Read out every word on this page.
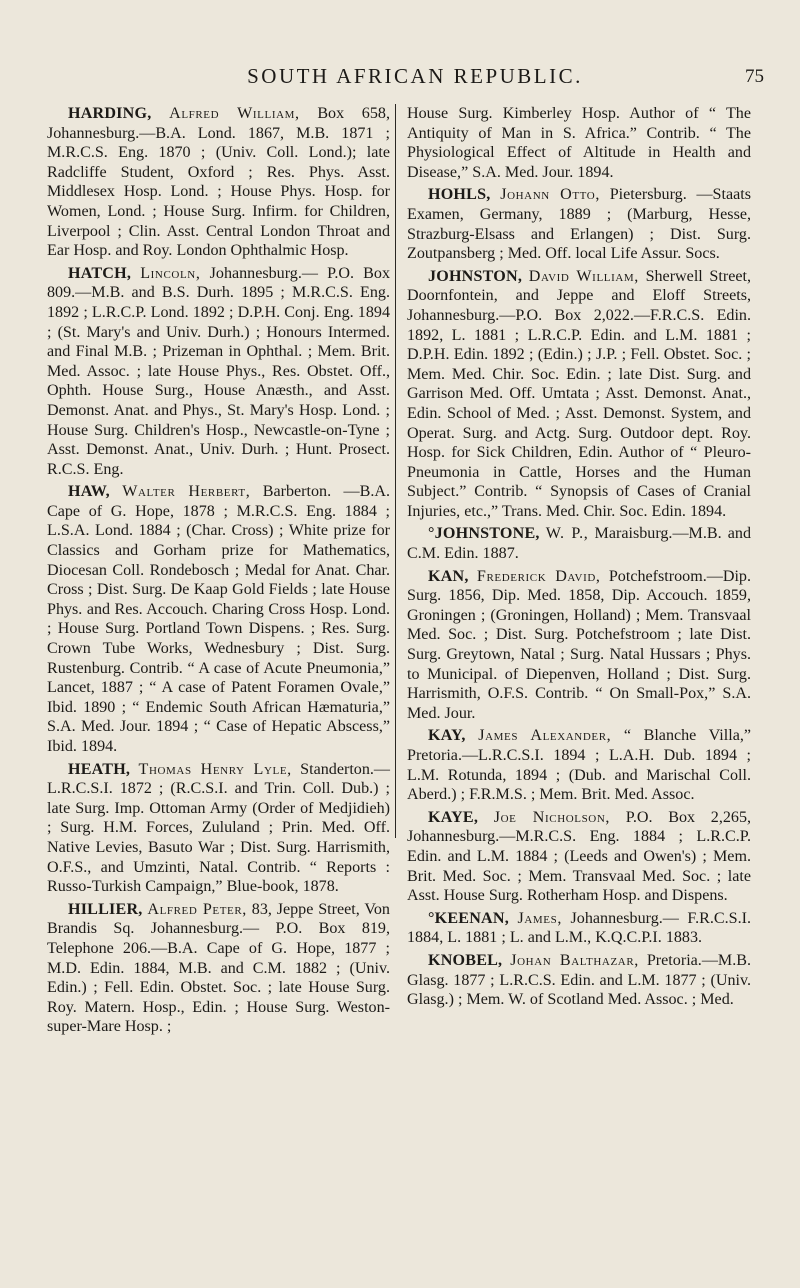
SOUTH AFRICAN REPUBLIC.	75

HARDING, Alfred William, Box 658, Johannesburg.—B.A. Lond. 1867, M.B. 1871 ; M.R.C.S. Eng. 1870 ; (Univ. Coll. Lond.); late Radcliffe Student, Oxford ; Res. Phys. Asst. Middlesex Hosp. Lond. ; House Phys. Hosp. for Women, Lond. ; House Surg. Infirm. for Children, Liverpool ; Clin. Asst. Central London Throat and Ear Hosp. and Roy. London Ophthalmic Hosp.

HATCH, Lincoln, Johannesburg.— P.O. Box 809.—M.B. and B.S. Durh. 1895 ; M.R.C.S. Eng. 1892 ; L.R.C.P. Lond. 1892 ; D.P.H. Conj. Eng. 1894 ; (St. Mary's and Univ. Durh.) ; Honours Intermed. and Final M.B. ; Prizeman in Ophthal. ; Mem. Brit. Med. Assoc. ; late House Phys., Res. Obstet. Off., Ophth. House Surg., House Anæsth., and Asst. Demonst. Anat. and Phys., St. Mary's Hosp. Lond. ; House Surg. Children's Hosp., Newcastle-on-Tyne ; Asst. Demonst. Anat., Univ. Durh. ; Hunt. Prosect. R.C.S. Eng.

HAW, Walter Herbert, Barberton. —B.A. Cape of G. Hope, 1878 ; M.R.C.S. Eng. 1884 ; L.S.A. Lond. 1884 ; (Char. Cross) ; White prize for Classics and Gorham prize for Mathematics, Diocesan Coll. Rondebosch ; Medal for Anat. Char. Cross ; Dist. Surg. De Kaap Gold Fields ; late House Phys. and Res. Accouch. Charing Cross Hosp. Lond. ; House Surg. Portland Town Dispens. ; Res. Surg. Crown Tube Works, Wednesbury ; Dist. Surg. Rustenburg. Contrib. “ A case of Acute Pneumonia,” Lancet, 1887 ; “ A case of Patent Foramen Ovale,” Ibid. 1890 ; “ Endemic South African Hæmaturia,” S.A. Med. Jour. 1894 ; “ Case of Hepatic Abscess,” Ibid. 1894.

HEATH, Thomas Henry Lyle, Standerton.—L.R.C.S.I. 1872 ; (R.C.S.I. and Trin. Coll. Dub.) ; late Surg. Imp. Ottoman Army (Order of Medjidieh) ; Surg. H.M. Forces, Zululand ; Prin. Med. Off. Native Levies, Basuto War ; Dist. Surg. Harrismith, O.F.S., and Umzinti, Natal. Contrib. “ Reports : Russo-Turkish Campaign,” Blue-book, 1878.

HILLIER, Alfred Peter, 83, Jeppe Street, Von Brandis Sq. Johannesburg.— P.O. Box 819, Telephone 206.—B.A. Cape of G. Hope, 1877 ; M.D. Edin. 1884, M.B. and C.M. 1882 ; (Univ. Edin.) ; Fell. Edin. Obstet. Soc. ; late House Surg. Roy. Matern. Hosp., Edin. ; House Surg. Weston-super-Mare Hosp. ;

House Surg. Kimberley Hosp. Author of “ The Antiquity of Man in S. Africa.” Contrib. “ The Physiological Effect of Altitude in Health and Disease,” S.A. Med. Jour. 1894.

HOHLS, Johann Otto, Pietersburg. —Staats Examen, Germany, 1889 ; (Marburg, Hesse, Strazburg-Elsass and Erlangen) ; Dist. Surg. Zoutpansberg ; Med. Off. local Life Assur. Socs.

JOHNSTON, David William, Sherwell Street, Doornfontein, and Jeppe and Eloff Streets, Johannesburg.—P.O. Box 2,022.—F.R.C.S. Edin. 1892, L. 1881 ; L.R.C.P. Edin. and L.M. 1881 ; D.P.H. Edin. 1892 ; (Edin.) ; J.P. ; Fell. Obstet. Soc. ; Mem. Med. Chir. Soc. Edin. ; late Dist. Surg. and Garrison Med. Off. Umtata ; Asst. Demonst. Anat., Edin. School of Med. ; Asst. Demonst. System, and Operat. Surg. and Actg. Surg. Outdoor dept. Roy. Hosp. for Sick Children, Edin. Author of “ Pleuro-Pneumonia in Cattle, Horses and the Human Subject.” Contrib. “ Synopsis of Cases of Cranial Injuries, etc.,” Trans. Med. Chir. Soc. Edin. 1894.

°JOHNSTONE, W. P., Maraisburg.—M.B. and C.M. Edin. 1887.

KAN, Frederick David, Potchefstroom.—Dip. Surg. 1856, Dip. Med. 1858, Dip. Accouch. 1859, Groningen ; (Groningen, Holland) ; Mem. Transvaal Med. Soc. ; Dist. Surg. Potchefstroom ; late Dist. Surg. Greytown, Natal ; Surg. Natal Hussars ; Phys. to Municipal. of Diepenven, Holland ; Dist. Surg. Harrismith, O.F.S. Contrib. “ On Small-Pox,” S.A. Med. Jour.

KAY, James Alexander, “ Blanche Villa,” Pretoria.—L.R.C.S.I. 1894 ; L.A.H. Dub. 1894 ; L.M. Rotunda, 1894 ; (Dub. and Marischal Coll. Aberd.) ; F.R.M.S. ; Mem. Brit. Med. Assoc.

KAYE, Joe Nicholson, P.O. Box 2,265, Johannesburg.—M.R.C.S. Eng. 1884 ; L.R.C.P. Edin. and L.M. 1884 ; (Leeds and Owen's) ; Mem. Brit. Med. Soc. ; Mem. Transvaal Med. Soc. ; late Asst. House Surg. Rotherham Hosp. and Dispens.

°KEENAN, James, Johannesburg.— F.R.C.S.I. 1884, L. 1881 ; L. and L.M., K.Q.C.P.I. 1883.

KNOBEL, Johan Balthazar, Pretoria.—M.B. Glasg. 1877 ; L.R.C.S. Edin. and L.M. 1877 ; (Univ. Glasg.) ; Mem. W. of Scotland Med. Assoc. ; Med.
